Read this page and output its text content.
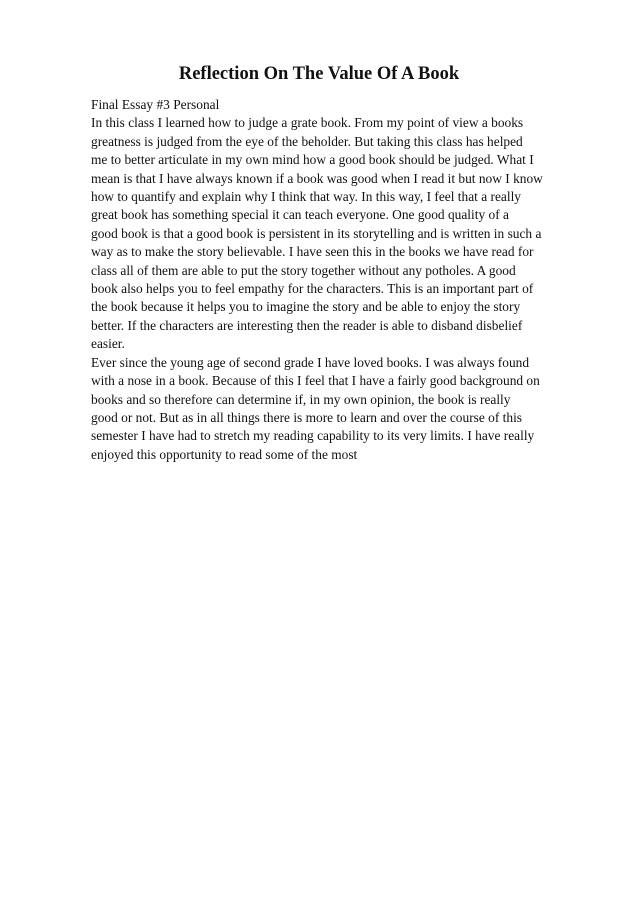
Reflection On The Value Of A Book
Final Essay #3 Personal
In this class I learned how to judge a grate book. From my point of view a books
greatness is judged from the eye of the beholder. But taking this class has helped
me to better articulate in my own mind how a good book should be judged. What I
mean is that I have always known if a book was good when I read it but now I know
how to quantify and explain why I think that way. In this way, I feel that a really
great book has something special it can teach everyone. One good quality of a
good book is that a good book is persistent in its storytelling and is written in such a
way as to make the story believable. I have seen this in the books we have read for
class all of them are able to put the story together without any potholes. A good
book also helps you to feel empathy for the characters. This is an important part of
the book because it helps you to imagine the story and be able to enjoy the story
better. If the characters are interesting then the reader is able to disband disbelief
easier.
Ever since the young age of second grade I have loved books. I was always found
with a nose in a book. Because of this I feel that I have a fairly good background on
books and so therefore can determine if, in my own opinion, the book is really
good or not. But as in all things there is more to learn and over the course of this
semester I have had to stretch my reading capability to its very limits. I have really
enjoyed this opportunity to read some of the most
